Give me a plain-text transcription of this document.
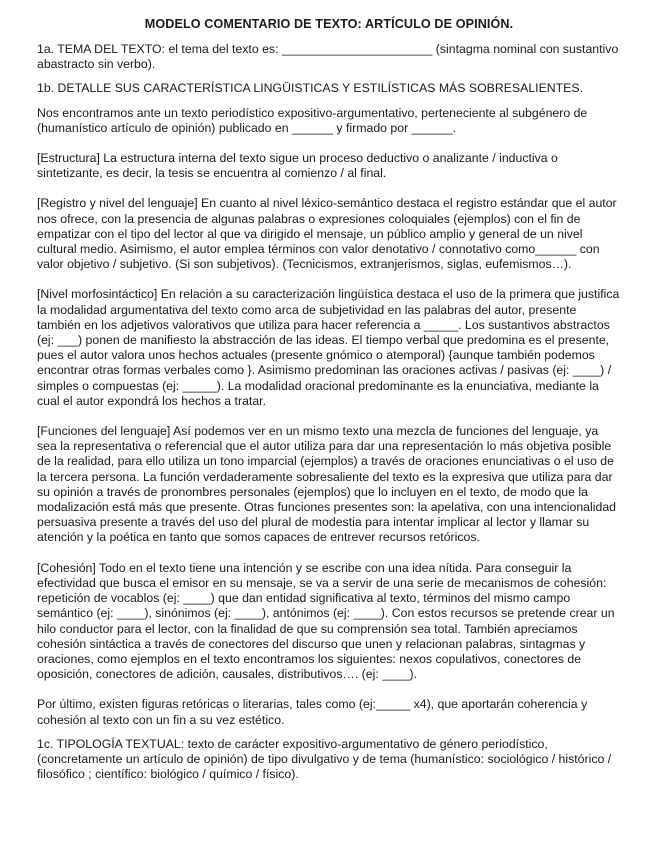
MODELO COMENTARIO DE TEXTO: ARTÍCULO DE OPINIÓN.

1a. TEMA DEL TEXTO: el tema del texto es: ______________________ (sintagma nominal con sustantivo abastracto sin verbo).

1b. DETALLE SUS CARACTERÍSTICA LINGÜISTICAS Y ESTILÍSTICAS MÁS SOBRESALIENTES.

Nos encontramos ante un texto periodístico expositivo-argumentativo, perteneciente al subgénero de (humanístico artículo de opinión) publicado en ______ y firmado por ______.

[Estructura] La estructura interna del texto sigue un proceso deductivo o analizante / inductiva o sintetizante, es decir, la tesis se encuentra al comienzo / al final.

[Registro y nivel del lenguaje] En cuanto al nivel léxico-semántico destaca el registro estándar que el autor nos ofrece, con la presencia de algunas palabras o expresiones coloquiales (ejemplos) con el fin de empatizar con el tipo del lector al que va dirigido el mensaje, un público amplio y general de un nivel cultural medio. Asimismo, el autor emplea términos con valor denotativo / connotativo como______ con valor objetivo / subjetivo. (Si son subjetivos). (Tecnicismos, extranjerismos, siglas, eufemismos…).

[Nivel morfosintáctico] En relación a su caracterización lingüística destaca el uso de la primera que justifica la modalidad argumentativa del texto como arca de subjetividad en las palabras del autor, presente también en los adjetivos valorativos que utiliza para hacer referencia a _____. Los sustantivos abstractos (ej: ___) ponen de manifiesto la abstracción de las ideas. El tiempo verbal que predomina es el presente, pues el autor valora unos hechos actuales (presente gnómico o atemporal) {aunque también podemos encontrar otras formas verbales como }. Asimismo predominan las oraciones activas / pasivas (ej: ____) / simples o compuestas (ej: _____). La modalidad oracional predominante es la enunciativa, mediante la cual el autor expondrá los hechos a tratar.

[Funciones del lenguaje] Así podemos ver en un mismo texto una mezcla de funciones del lenguaje, ya sea la representativa o referencial que el autor utiliza para dar una representación lo más objetiva posible de la realidad, para ello utiliza un tono imparcial (ejemplos) a través de oraciones enunciativas o el uso de la tercera persona. La función verdaderamente sobresaliente del texto es la expresiva que utiliza para dar su opinión a través de pronombres personales (ejemplos) que lo incluyen en el texto, de modo que la modalización está más que presente. Otras funciones presentes son: la apelativa, con una intencionalidad persuasiva presente a través del uso del plural de modestia para intentar implicar al lector y llamar su atención y la poética en tanto que somos capaces de entrever recursos retóricos.

[Cohesión] Todo en el texto tiene una intención y se escribe con una idea nítida. Para conseguir la efectividad que busca el emisor en su mensaje, se va a servir de una serie de mecanismos de cohesión: repetición de vocablos (ej: ____) que dan entidad significativa al texto, términos del mismo campo semántico (ej: ____), sinónimos (ej: ____), antónimos (ej: ____). Con estos recursos se pretende crear un hilo conductor para el lector, con la finalidad de que su comprensión sea total. También apreciamos cohesión sintáctica a través de conectores del discurso que unen y relacionan palabras, sintagmas y oraciones, como ejemplos en el texto encontramos los siguientes: nexos copulativos, conectores de oposición, conectores de adición, causales, distributivos…. (ej: ____).

Por último, existen figuras retóricas o literarias, tales como (ej:_____ x4), que aportarán coherencia y cohesión al texto con un fin a su vez estético.

1c. TIPOLOGÍA TEXTUAL: texto de carácter expositivo-argumentativo de género periodístico, (concretamente un artículo de opinión) de tipo divulgativo y de tema (humanístico: sociológico / histórico / filosófico ; científico: biológico / químico / físico).
